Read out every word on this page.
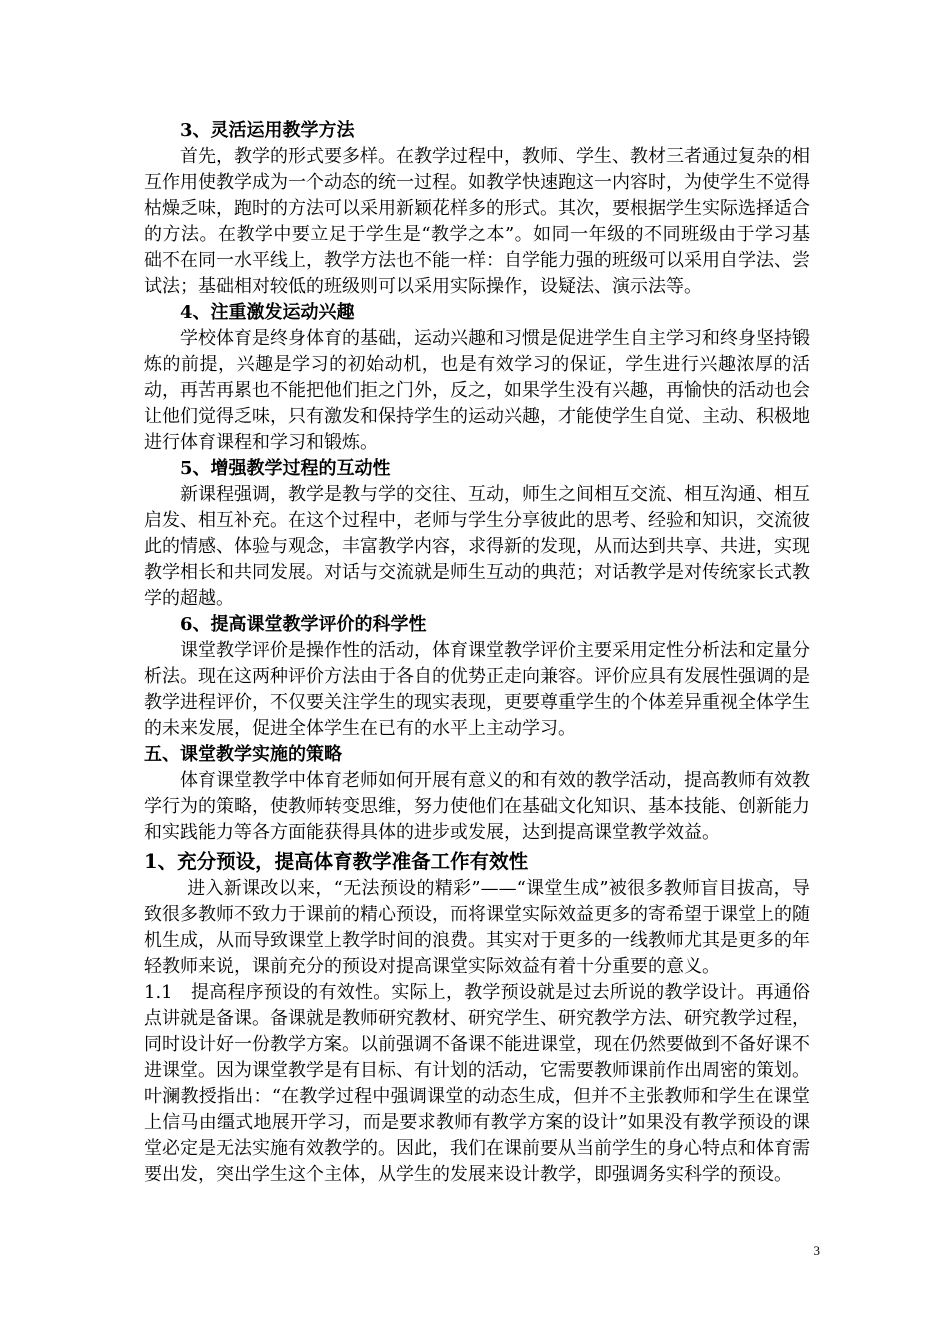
3、灵活运用教学方法

首先，教学的形式要多样。在教学过程中，教师、学生、教材三者通过复杂的相互作用使教学成为一个动态的统一过程。如教学快速跑这一内容时，为使学生不觉得枯燥乏味，跑时的方法可以采用新颖花样多的形式。其次，要根据学生实际选择适合的方法。在教学中要立足于学生是“教学之本”。如同一年级的不同班级由于学习基础不在同一水平线上，教学方法也不能一样：自学能力强的班级可以采用自学法、尝试法；基础相对较低的班级则可以采用实际操作，设疑法、演示法等。

4、注重激发运动兴趣

学校体育是终身体育的基础，运动兴趣和习惯是促进学生自主学习和终身坚持锻炼的前提，兴趣是学习的初始动机，也是有效学习的保证，学生进行兴趣浓厚的活动，再苦再累也不能把他们拒之门外，反之，如果学生没有兴趣，再愉快的活动也会让他们觉得乏味，只有激发和保持学生的运动兴趣，才能使学生自觉、主动、积极地进行体育课程和学习和锻炼。

5、增强教学过程的互动性

新课程强调，教学是教与学的交往、互动，师生之间相互交流、相互沟通、相互启发、相互补充。在这个过程中，老师与学生分享彼此的思考、经验和知识，交流彼此的情感、体验与观念，丰富教学内容，求得新的发现，从而达到共享、共进，实现教学相长和共同发展。对话与交流就是师生互动的典范；对话教学是对传统家长式教学的超越。

6、提高课堂教学评价的科学性

课堂教学评价是操作性的活动，体育课堂教学评价主要采用定性分析法和定量分析法。现在这两种评价方法由于各自的优势正走向兼容。评价应具有发展性强调的是教学进程评价，不仅要关注学生的现实表现，更要尊重学生的个体差异重视全体学生的未来发展，促进全体学生在已有的水平上主动学习。

五、课堂教学实施的策略

体育课堂教学中体育老师如何开展有意义的和有效的教学活动，提高教师有效教学行为的策略，使教师转变思维，努力使他们在基础文化知识、基本技能、创新能力和实践能力等各方面能获得具体的进步或发展，达到提高课堂教学效益。

1、充分预设，提高体育教学准备工作有效性

进入新课改以来，“无法预设的精彩”——“课堂生成”被很多教师盲目拔高，导致很多教师不致力于课前的精心预设，而将课堂实际效益更多的寄希望于课堂上的随机生成，从而导致课堂上教学时间的浪费。其实对于更多的一线教师尤其是更多的年轻教师来说，课前充分的预设对提高课堂实际效益有着十分重要的意义。

1.1　提高程序预设的有效性。实际上，教学预设就是过去所说的教学设计。再通俗点讲就是备课。备课就是教师研究教材、研究学生、研究教学方法、研究教学过程，同时设计好一份教学方案。以前强调不备课不能进课堂，现在仍然要做到不备好课不进课堂。因为课堂教学是有目标、有计划的活动，它需要教师课前作出周密的策划。叶澜教授指出：“在教学过程中强调课堂的动态生成，但并不主张教师和学生在课堂上信马由缰式地展开学习，而是要求教师有教学方案的设计”如果没有教学预设的课堂必定是无法实施有效教学的。因此，我们在课前要从当前学生的身心特点和体育需要出发，突出学生这个主体，从学生的发展来设计教学，即强调务实科学的预设。

3
